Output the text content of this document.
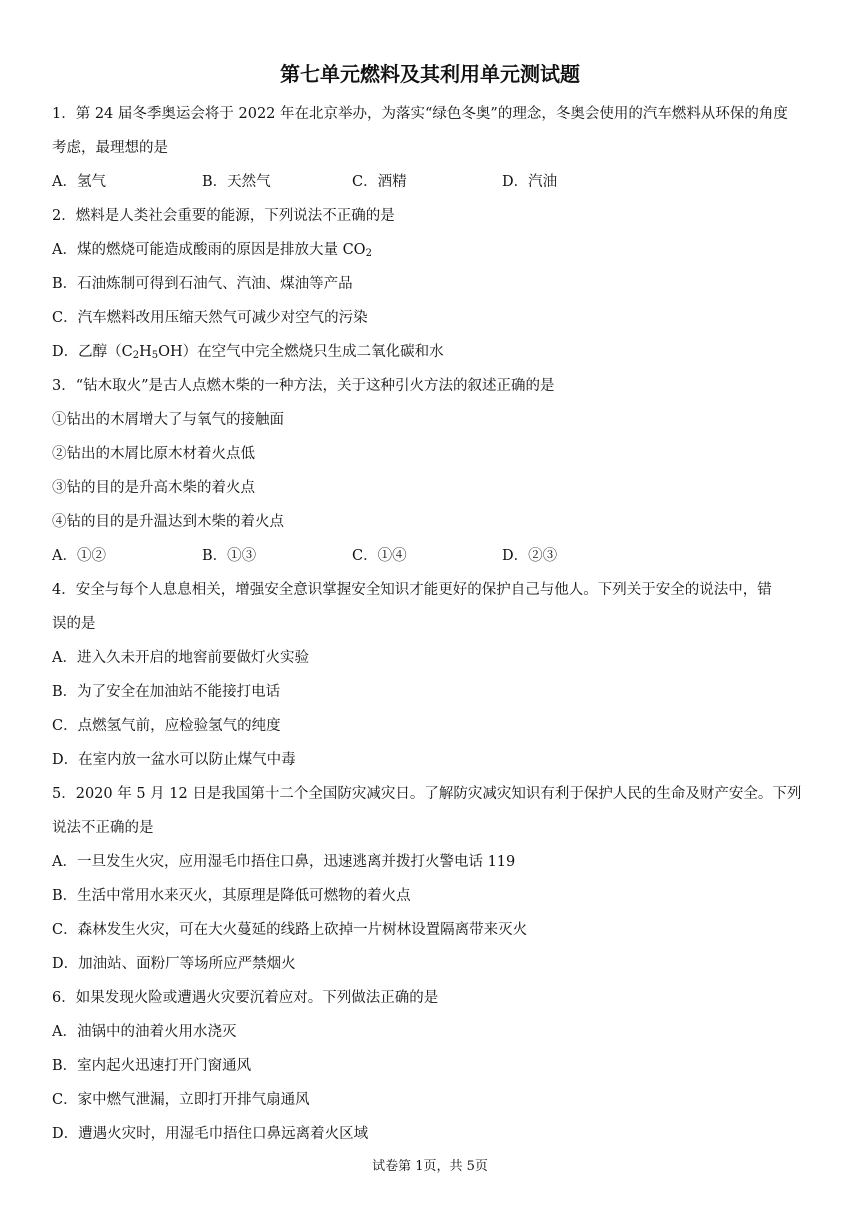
第七单元燃料及其利用单元测试题
1．第 24 届冬季奥运会将于 2022 年在北京举办，为落实“绿色冬奥”的理念，冬奥会使用的汽车燃料从环保的角度
考虑，最理想的是
A．氢气	B．天然气	C．酒精	D．汽油
2．燃料是人类社会重要的能源，下列说法不正确的是
A．煤的燃烧可能造成酸雨的原因是排放大量 $CO_2$
B．石油炼制可得到石油气、汽油、煤油等产品
C．汽车燃料改用压缩天然气可减少对空气的污染
D．乙醇$(C_2H_5OH)$在空气中完全燃烧只生成二氧化碳和水
3．“钻木取火”是古人点燃木柴的一种方法，关于这种引火方法的叙述正确的是
①钻出的木屑增大了与氧气的接触面
②钻出的木屑比原木材着火点低
③钻的目的是升高木柴的着火点
④钻的目的是升温达到木柴的着火点
A．①②	B．①③	C．①④	D．②③
4．安全与每个人息息相关，增强安全意识掌握安全知识才能更好的保护自己与他人。下列关于安全的说法中，错
误的是
A．进入久未开启的地窖前要做灯火实验
B．为了安全在加油站不能接打电话
C．点燃氢气前，应检验氢气的纯度
D．在室内放一盆水可以防止煤气中毒
5．2020 年 5 月 12 日是我国第十二个全国防灾减灾日。了解防灾减灾知识有利于保护人民的生命及财产安全。下列
说法不正确的是
A．一旦发生火灾，应用湿毛巾捂住口鼻，迅速逃离并拨打火警电话 119
B．生活中常用水来灭火，其原理是降低可燃物的着火点
C．森林发生火灾，可在大火蔓延的线路上砍掉一片树林设置隔离带来灭火
D．加油站、面粉厂等场所应严禁烟火
6．如果发现火险或遭遇火灾要沉着应对。下列做法正确的是
A．油锅中的油着火用水浇灭
B．室内起火迅速打开门窗通风
C．家中燃气泄漏，立即打开排气扇通风
D．遭遇火灾时，用湿毛巾捂住口鼻远离着火区域
试卷第 1页，共 5页
